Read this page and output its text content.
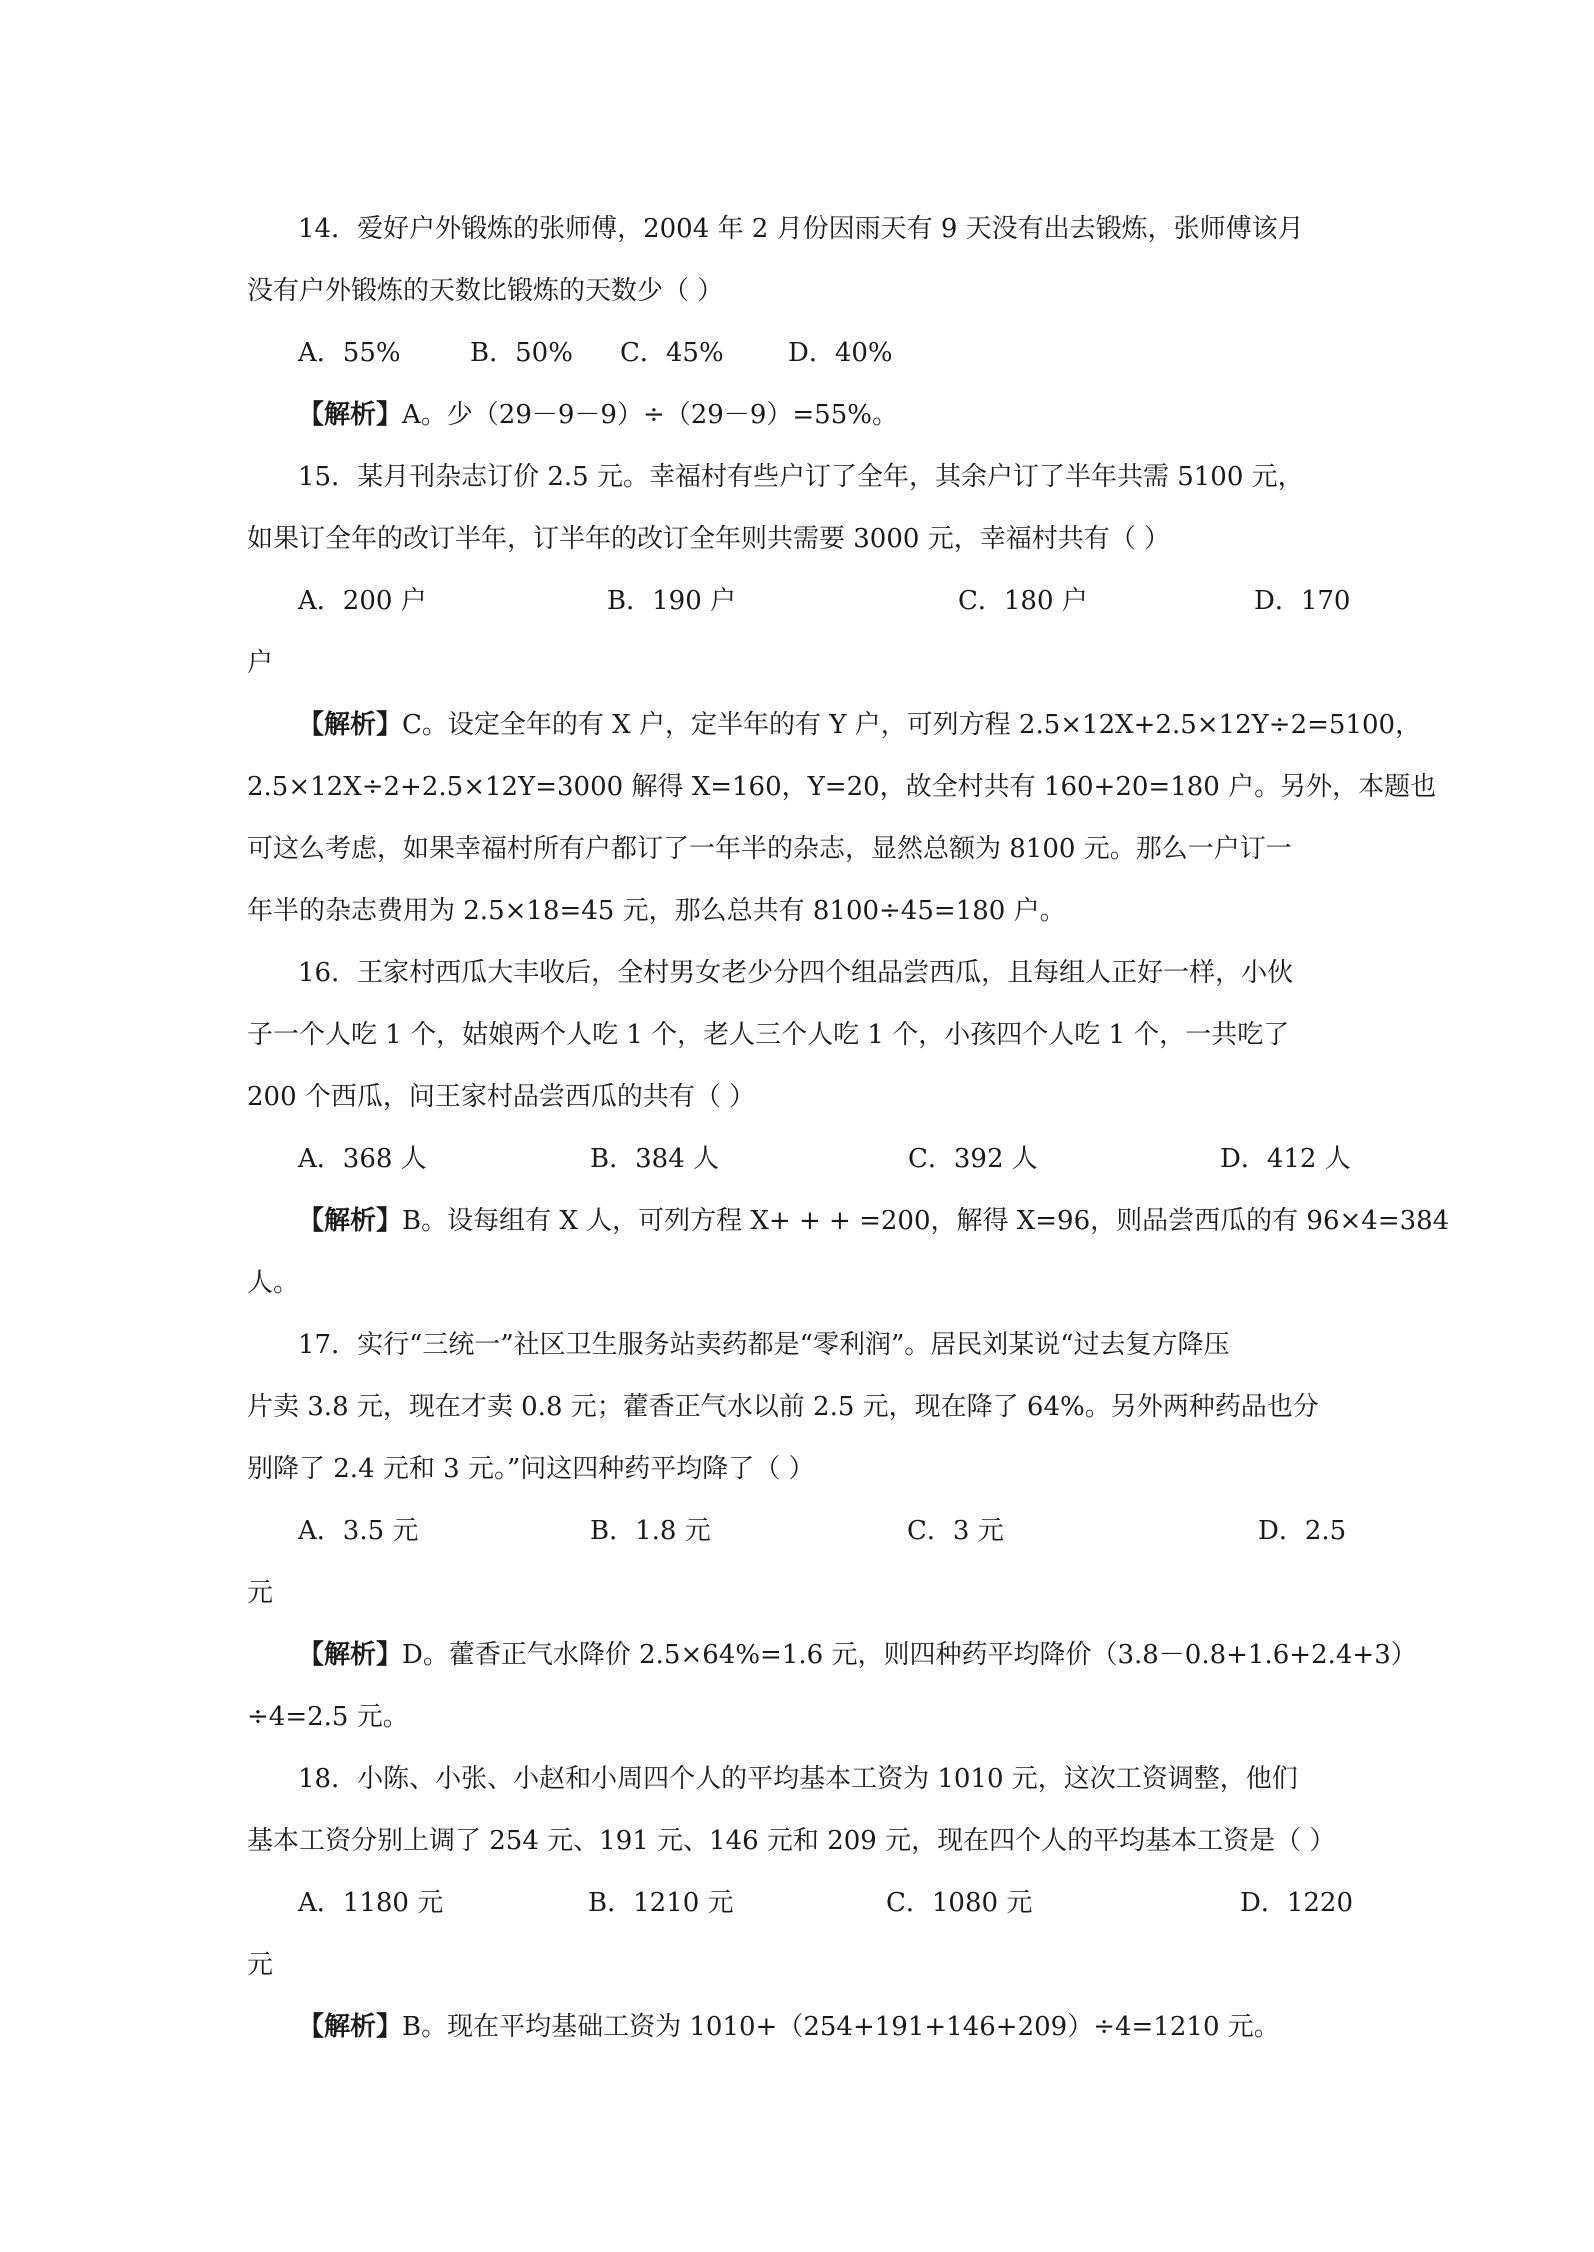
14．爱好户外锻炼的张师傅，2004 年 2 月份因雨天有 9 天没有出去锻炼，张师傅该月
没有户外锻炼的天数比锻炼的天数少（ ）
A．55%	B．50% C．45% D．40%
【解析】A。少（29－9－9）÷（29－9）=55%。
15．某月刊杂志订价 2.5 元。幸福村有些户订了全年，其余户订了半年共需 5100 元，
如果订全年的改订半年，订半年的改订全年则共需要 3000 元，幸福村共有（ ）
A．200 户	B．190 户	C．180 户	D．170
户
【解析】C。设定全年的有 X 户，定半年的有 Y 户，可列方程 2.5×12X+2.5×12Y÷2=5100，
2.5×12X÷2+2.5×12Y=3000 解得 X=160，Y=20，故全村共有 160+20=180 户。另外，本题也
可这么考虑，如果幸福村所有户都订了一年半的杂志，显然总额为 8100 元。那么一户订一
年半的杂志费用为 2.5×18=45 元，那么总共有 8100÷45=180 户。
16．王家村西瓜大丰收后，全村男女老少分四个组品尝西瓜，且每组人正好一样，小伙
子一个人吃 1 个，姑娘两个人吃 1 个，老人三个人吃 1 个，小孩四个人吃 1 个，一共吃了
200 个西瓜，问王家村品尝西瓜的共有（ ）
A．368 人	B．384 人	C．392 人	D．412 人
【解析】B。设每组有 X 人，可列方程 X+ + + =200，解得 X=96，则品尝西瓜的有 96×4=384
人。
17．实行“三统一”社区卫生服务站卖药都是“零利润”。居民刘某说“过去复方降压
片卖 3.8 元，现在才卖 0.8 元；藿香正气水以前 2.5 元，现在降了 64%。另外两种药品也分
别降了 2.4 元和 3 元。”问这四种药平均降了（ ）
A．3.5 元	B．1.8 元	C．3 元	D．2.5
元
【解析】D。藿香正气水降价 2.5×64%=1.6 元，则四种药平均降价（3.8－0.8+1.6+2.4+3）
÷4=2.5 元。
18．小陈、小张、小赵和小周四个人的平均基本工资为 1010 元，这次工资调整，他们
基本工资分别上调了 254 元、191 元、146 元和 209 元，现在四个人的平均基本工资是（ ）
A．1180 元	B．1210 元	C．1080 元	D．1220
元
【解析】B。现在平均基础工资为 1010+（254+191+146+209）÷4=1210 元。
